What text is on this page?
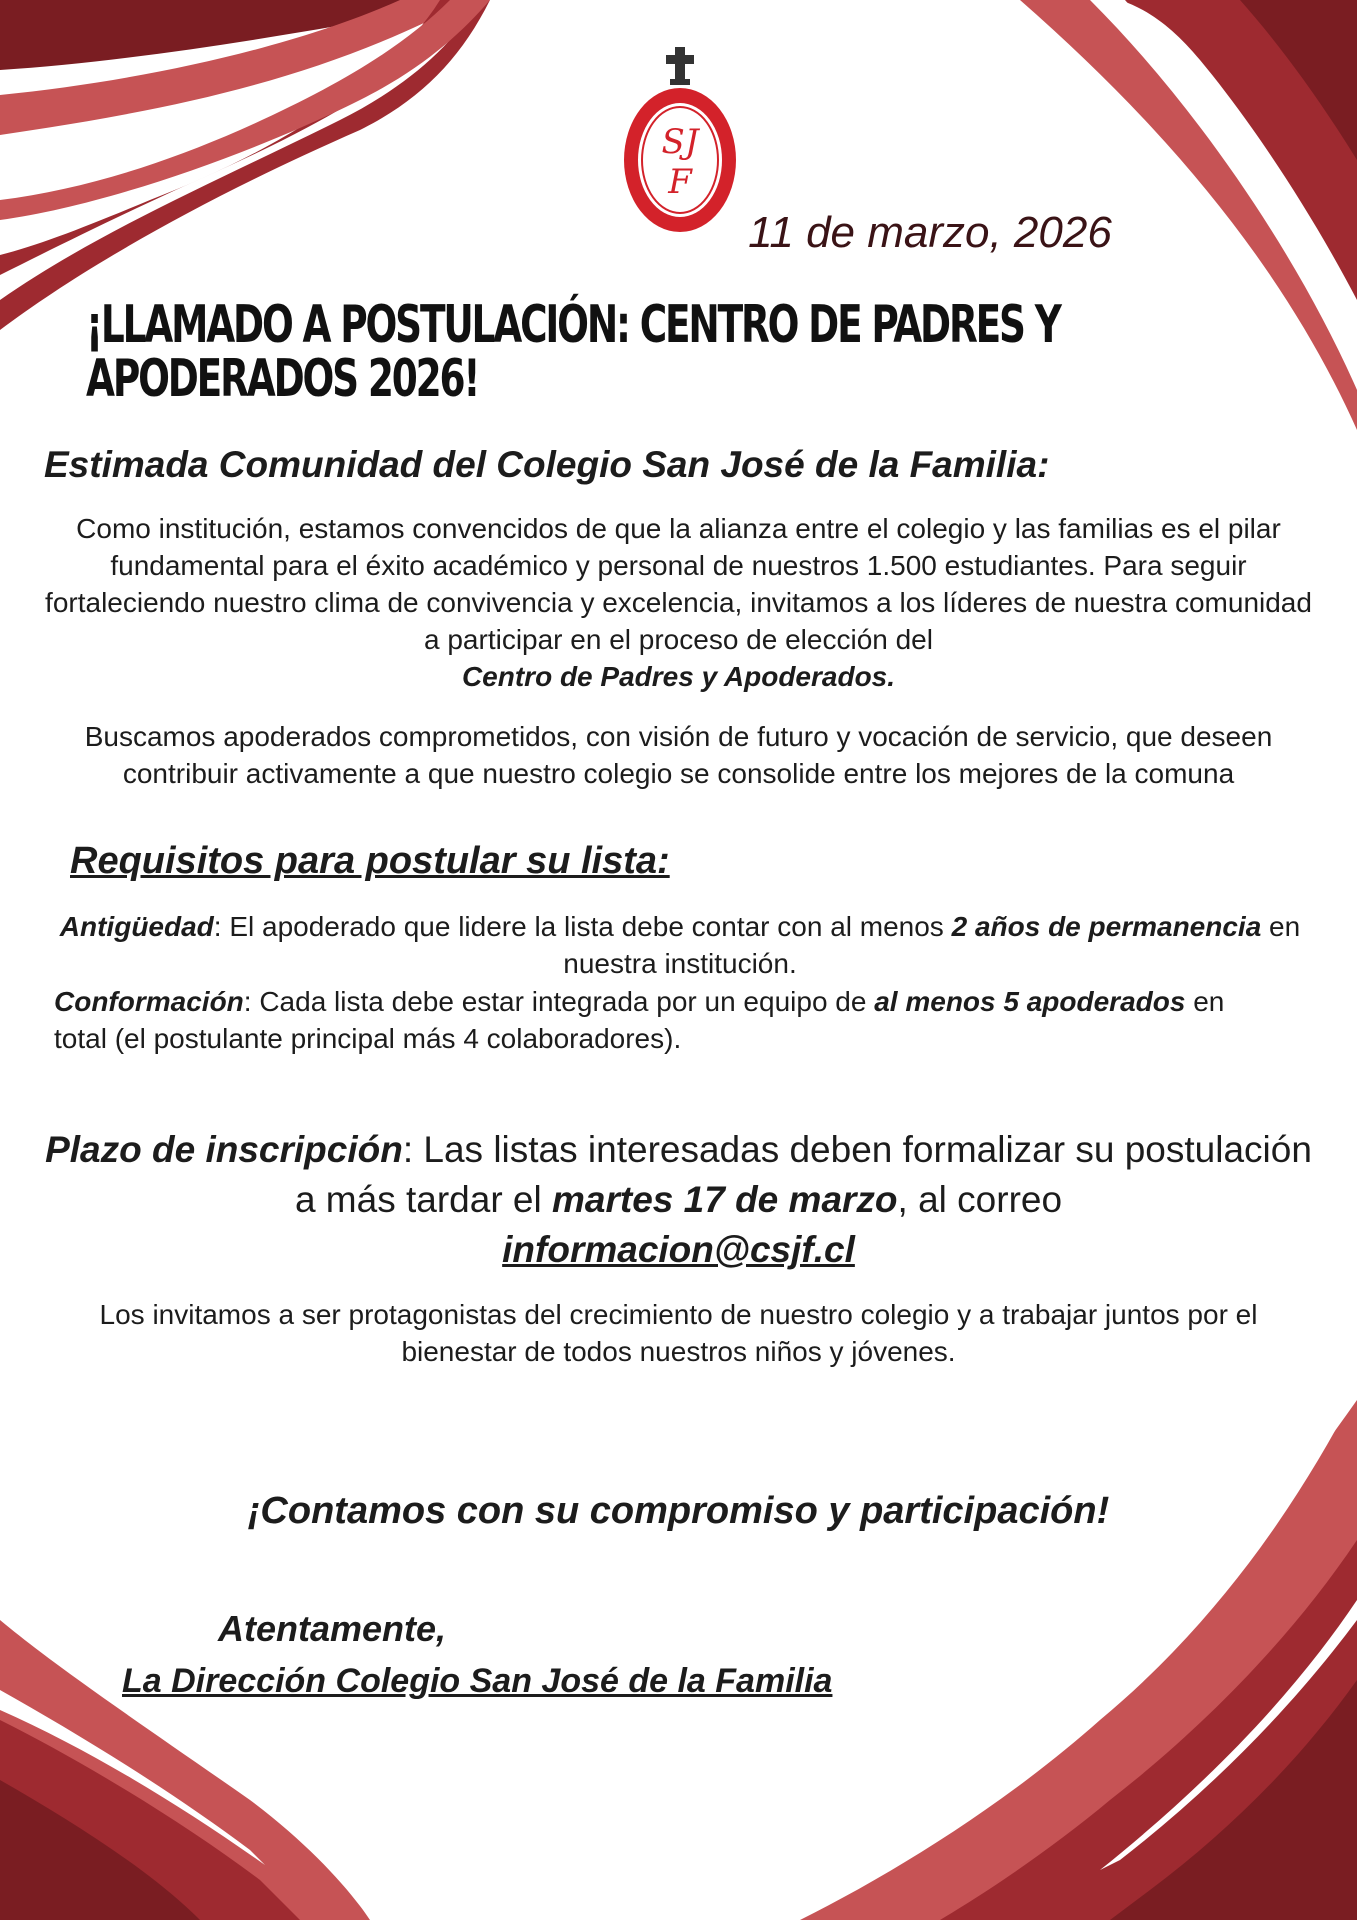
SJ
F

11 de marzo, 2026

¡LLAMADO A POSTULACIÓN: CENTRO DE PADRES Y APODERADOS 2026!

Estimada Comunidad del Colegio San José de la Familia:

Como institución, estamos convencidos de que la alianza entre el colegio y las familias es el pilar fundamental para el éxito académico y personal de nuestros 1.500 estudiantes. Para seguir fortaleciendo nuestro clima de convivencia y excelencia, invitamos a los líderes de nuestra comunidad a participar en el proceso de elección del
Centro de Padres y Apoderados.

Buscamos apoderados comprometidos, con visión de futuro y vocación de servicio, que deseen contribuir activamente a que nuestro colegio se consolide entre los mejores de la comuna

Requisitos para postular su lista:

Antigüedad: El apoderado que lidere la lista debe contar con al menos 2 años de permanencia en nuestra institución.

Conformación: Cada lista debe estar integrada por un equipo de al menos 5 apoderados en total (el postulante principal más 4 colaboradores).

Plazo de inscripción: Las listas interesadas deben formalizar su postulación a más tardar el martes 17 de marzo, al correo
informacion@csjf.cl

Los invitamos a ser protagonistas del crecimiento de nuestro colegio y a trabajar juntos por el bienestar de todos nuestros niños y jóvenes.

¡Contamos con su compromiso y participación!

Atentamente,

La Dirección Colegio San José de la Familia
